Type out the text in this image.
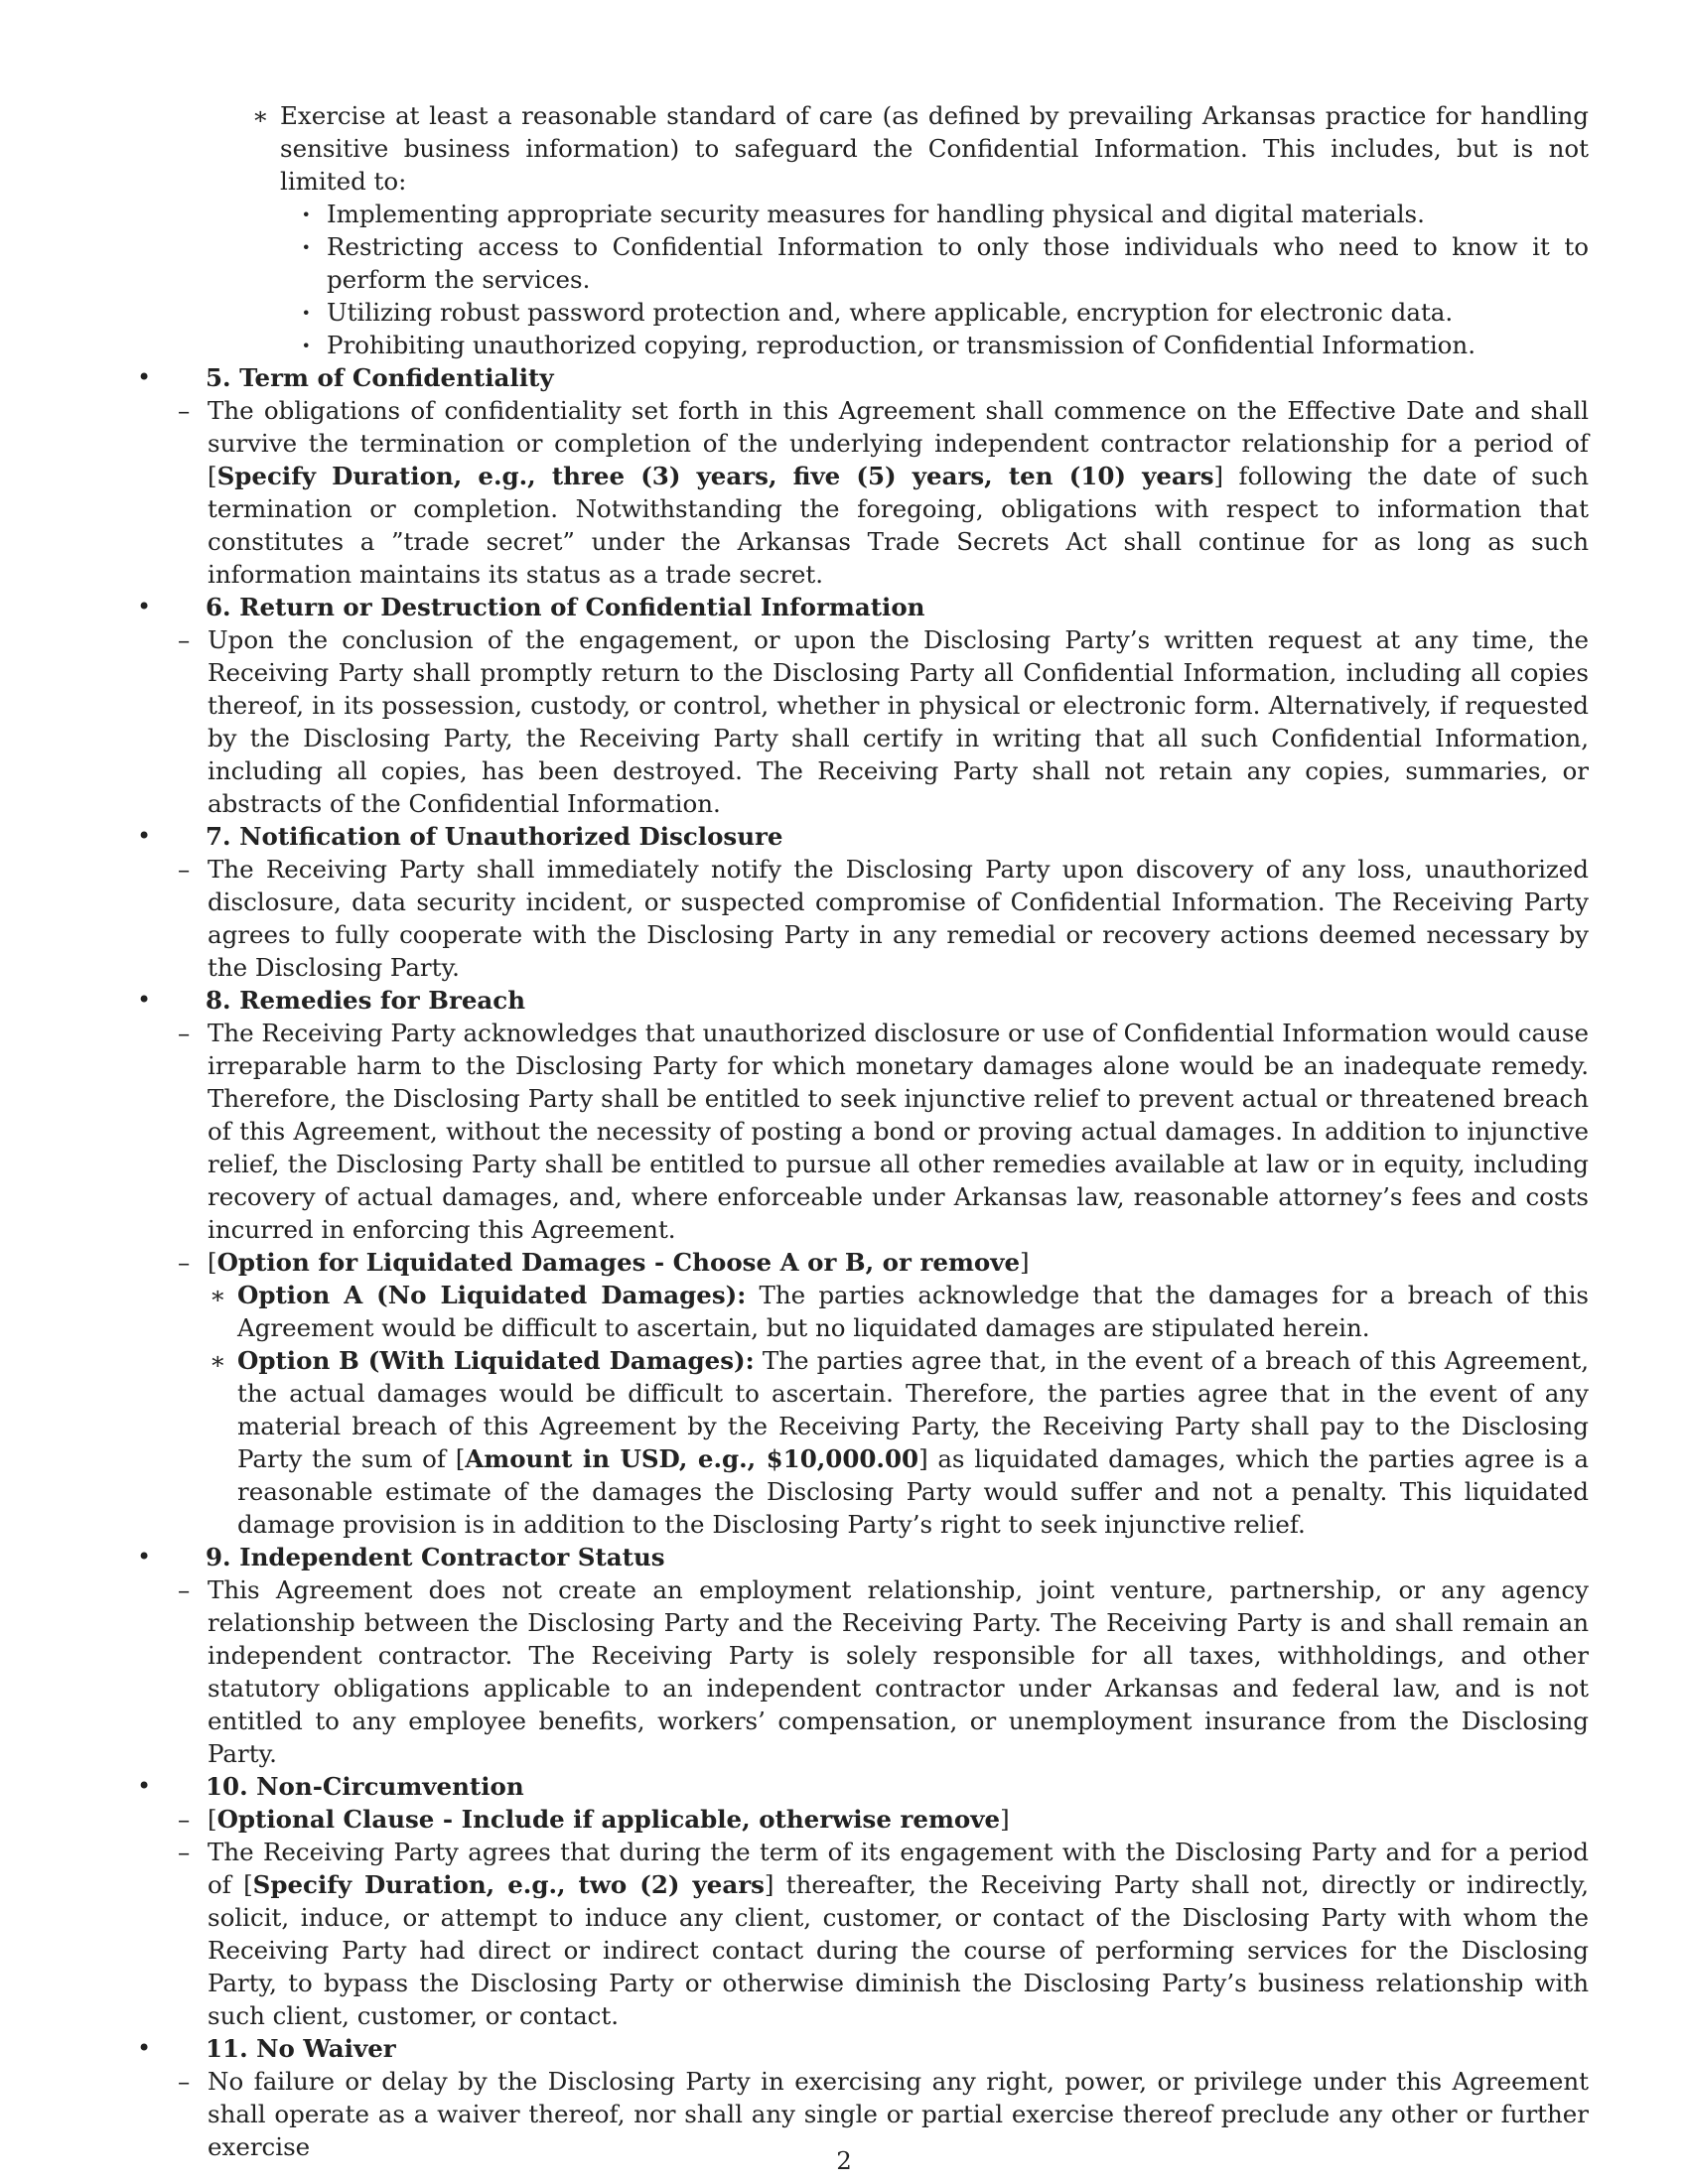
∗ Exercise at least a reasonable standard of care (as defined by prevailing Arkansas practice for handling sensitive business information) to safeguard the Confidential Information. This includes, but is not limited to:
· Implementing appropriate security measures for handling physical and digital materials.
· Restricting access to Confidential Information to only those individuals who need to know it to perform the services.
· Utilizing robust password protection and, where applicable, encryption for electronic data.
· Prohibiting unauthorized copying, reproduction, or transmission of Confidential Information.
• 5. Term of Confidentiality
– The obligations of confidentiality set forth in this Agreement shall commence on the Effective Date and shall survive the termination or completion of the underlying independent contractor relationship for a period of [Specify Duration, e.g., three (3) years, five (5) years, ten (10) years] following the date of such termination or completion. Notwithstanding the foregoing, obligations with respect to information that constitutes a ”trade secret” under the Arkansas Trade Secrets Act shall continue for as long as such information maintains its status as a trade secret.
• 6. Return or Destruction of Confidential Information
– Upon the conclusion of the engagement, or upon the Disclosing Party’s written request at any time, the Receiving Party shall promptly return to the Disclosing Party all Confidential Information, including all copies thereof, in its possession, custody, or control, whether in physical or electronic form. Alternatively, if requested by the Disclosing Party, the Receiving Party shall certify in writing that all such Confidential Information, including all copies, has been destroyed. The Receiving Party shall not retain any copies, summaries, or abstracts of the Confidential Information.
• 7. Notification of Unauthorized Disclosure
– The Receiving Party shall immediately notify the Disclosing Party upon discovery of any loss, unauthorized disclosure, data security incident, or suspected compromise of Confidential Information. The Receiving Party agrees to fully cooperate with the Disclosing Party in any remedial or recovery actions deemed necessary by the Disclosing Party.
• 8. Remedies for Breach
– The Receiving Party acknowledges that unauthorized disclosure or use of Confidential Information would cause irreparable harm to the Disclosing Party for which monetary damages alone would be an inadequate remedy. Therefore, the Disclosing Party shall be entitled to seek injunctive relief to prevent actual or threatened breach of this Agreement, without the necessity of posting a bond or proving actual damages. In addition to injunctive relief, the Disclosing Party shall be entitled to pursue all other remedies available at law or in equity, including recovery of actual damages, and, where enforceable under Arkansas law, reasonable attorney’s fees and costs incurred in enforcing this Agreement.
– [Option for Liquidated Damages - Choose A or B, or remove]
∗ Option A (No Liquidated Damages): The parties acknowledge that the damages for a breach of this Agreement would be difficult to ascertain, but no liquidated damages are stipulated herein.
∗ Option B (With Liquidated Damages): The parties agree that, in the event of a breach of this Agreement, the actual damages would be difficult to ascertain. Therefore, the parties agree that in the event of any material breach of this Agreement by the Receiving Party, the Receiving Party shall pay to the Disclosing Party the sum of [Amount in USD, e.g., $10,000.00] as liquidated damages, which the parties agree is a reasonable estimate of the damages the Disclosing Party would suffer and not a penalty. This liquidated damage provision is in addition to the Disclosing Party’s right to seek injunctive relief.
• 9. Independent Contractor Status
– This Agreement does not create an employment relationship, joint venture, partnership, or any agency relationship between the Disclosing Party and the Receiving Party. The Receiving Party is and shall remain an independent contractor. The Receiving Party is solely responsible for all taxes, withholdings, and other statutory obligations applicable to an independent contractor under Arkansas and federal law, and is not entitled to any employee benefits, workers’ compensation, or unemployment insurance from the Disclosing Party.
• 10. Non-Circumvention
– [Optional Clause - Include if applicable, otherwise remove]
– The Receiving Party agrees that during the term of its engagement with the Disclosing Party and for a period of [Specify Duration, e.g., two (2) years] thereafter, the Receiving Party shall not, directly or indirectly, solicit, induce, or attempt to induce any client, customer, or contact of the Disclosing Party with whom the Receiving Party had direct or indirect contact during the course of performing services for the Disclosing Party, to bypass the Disclosing Party or otherwise diminish the Disclosing Party’s business relationship with such client, customer, or contact.
• 11. No Waiver
– No failure or delay by the Disclosing Party in exercising any right, power, or privilege under this Agreement shall operate as a waiver thereof, nor shall any single or partial exercise thereof preclude any other or further exercise	2
